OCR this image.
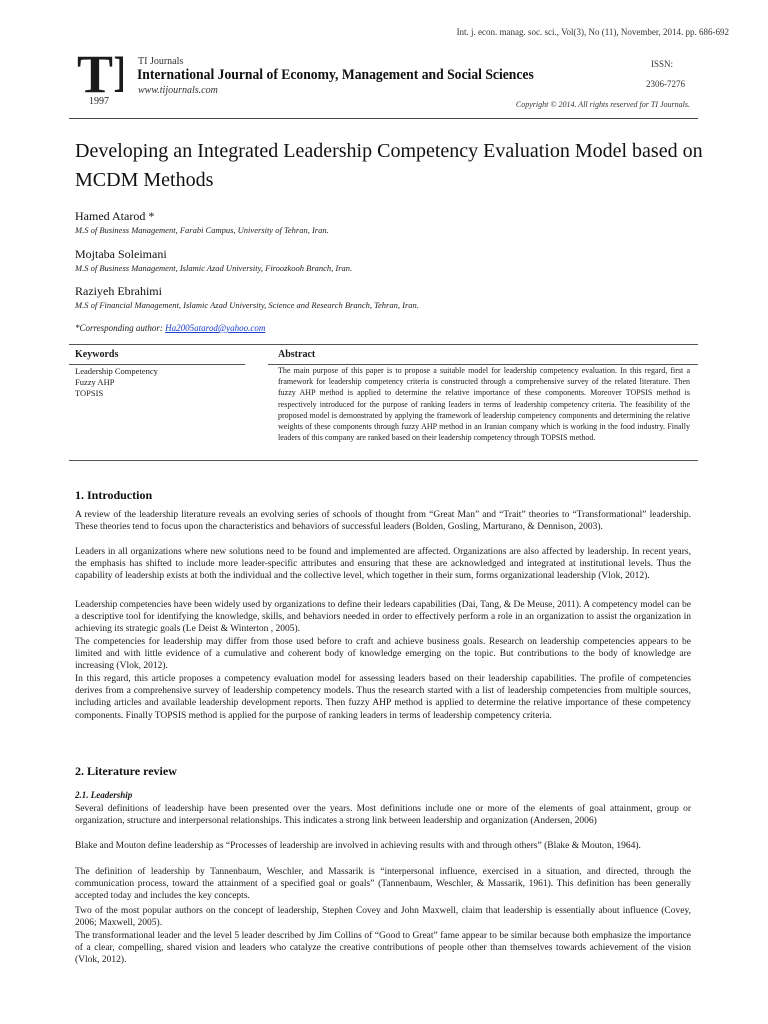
Int. j. econ. manag. soc. sci., Vol(3), No (11), November, 2014. pp. 686-692
T
1997
TI Journals
International Journal of Economy, Management and Social Sciences
www.tijournals.com
ISSN:
2306-7276
Copyright © 2014. All rights reserved for TI Journals.
Developing an Integrated Leadership Competency Evaluation Model based on MCDM Methods
Hamed Atarod *
M.S of Business Management, Farabi Campus, University of Tehran, Iran.
Mojtaba Soleimani
M.S of Business Management, Islamic Azad University, Firoozkooh Branch, Iran.
Raziyeh Ebrahimi
M.S of Financial Management, Islamic Azad University, Science and Research Branch, Tehran, Iran.
*Corresponding author: Ha2005atarod@yahoo.com
Keywords	Abstract
Leadership Competency
Fuzzy AHP
TOPSIS
The main purpose of this paper is to propose a suitable model for leadership competency evaluation. In this regard, first a framework for leadership competency criteria is constructed through a comprehensive survey of the related literature. Then fuzzy AHP method is applied to determine the relative importance of these components. Moreover TOPSIS method is respectively introduced for the purpose of ranking leaders in terms of leadership competency criteria. The feasibility of the proposed model is demonstrated by applying the framework of leadership competency components and determining the relative weights of these components through fuzzy AHP method in an Iranian company which is working in the food industry. Finally leaders of this company are ranked based on their leadership competency through TOPSIS method.
1. Introduction
A review of the leadership literature reveals an evolving series of schools of thought from “Great Man” and “Trait” theories to “Transformational” leadership. These theories tend to focus upon the characteristics and behaviors of successful leaders (Bolden, Gosling, Marturano, & Dennison, 2003).
Leaders in all organizations where new solutions need to be found and implemented are affected. Organizations are also affected by leadership. In recent years, the emphasis has shifted to include more leader-specific attributes and ensuring that these are acknowledged and integrated at institutional levels. Thus the capability of leadership exists at both the individual and the collective level, which together in their sum, forms organizational leadership (Vlok, 2012).
Leadership competencies have been widely used by organizations to define their ledears capabilities (Dai, Tang, & De Meuse, 2011). A competency model can be a descriptive tool for identifying the knowledge, skills, and behaviors needed in order to effectively perform a role in an organization to assist the organization in achieving its strategic goals (Le Deist & Winterton , 2005).
The competencies for leadership may differ from those used before to craft and achieve business goals. Research on leadership competencies appears to be limited and with little evidence of a cumulative and coherent body of knowledge emerging on the topic. But contributions to the body of knowledge are increasing (Vlok, 2012).
In this regard, this article proposes a competency evaluation model for assessing leaders based on their leadership capabilities. The profile of competencies derives from a comprehensive survey of leadership competency models. Thus the research started with a list of leadership competencies from multiple sources, including articles and available leadership development reports. Then fuzzy AHP method is applied to determine the relative importance of these competency components. Finally TOPSIS method is applied for the purpose of ranking leaders in terms of leadership competency criteria.
2. Literature review
2.1. Leadership
Several definitions of leadership have been presented over the years. Most definitions include one or more of the elements of goal attainment, group or organization, structure and interpersonal relationships. This indicates a strong link between leadership and organization (Andersen, 2006)
Blake and Mouton define leadership as “Processes of leadership are involved in achieving results with and through others” (Blake & Mouton, 1964).
The definition of leadership by Tannenbaum, Weschler, and Massarik is “interpersonal influence, exercised in a situation, and directed, through the communication process, toward the attainment of a specified goal or goals” (Tannenbaum, Weschler, & Massarik, 1961). This definition has been generally accepted today and includes the key concepts.
Two of the most popular authors on the concept of leadership, Stephen Covey and John Maxwell, claim that leadership is essentially about influence (Covey, 2006; Maxwell, 2005).
The transformational leader and the level 5 leader described by Jim Collins of “Good to Great” fame appear to be similar because both emphasize the importance of a clear, compelling, shared vision and leaders who catalyze the creative contributions of people other than themselves towards achievement of the vision (Vlok, 2012).
